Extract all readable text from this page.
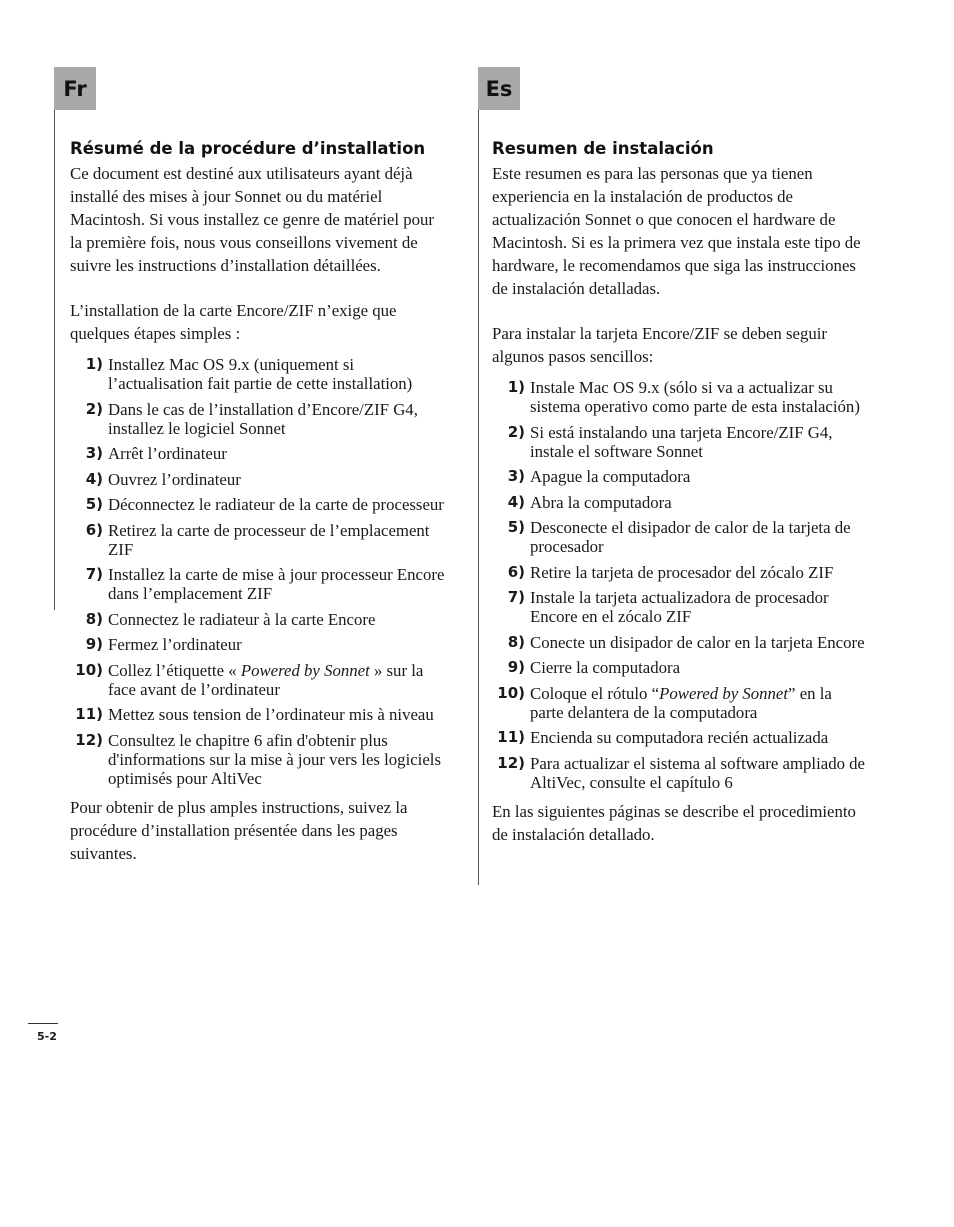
Fr
Résumé de la procédure d’installation

Ce document est destiné aux utilisateurs ayant déjà installé des mises à jour Sonnet ou du matériel Macintosh. Si vous installez ce genre de matériel pour la première fois, nous vous conseillons vivement de suivre les instructions d’installation détaillées.

L’installation de la carte Encore/ZIF n’exige que quelques étapes simples :

1) Installez Mac OS 9.x (uniquement si l’actualisation fait partie de cette installation)
2) Dans le cas de l’installation d’Encore/ZIF G4, installez le logiciel Sonnet
3) Arrêt l’ordinateur
4) Ouvrez l’ordinateur
5) Déconnectez le radiateur de la carte de processeur
6) Retirez la carte de processeur de l’emplacement ZIF
7) Installez la carte de mise à jour processeur Encore dans l’emplacement ZIF
8) Connectez le radiateur à la carte Encore
9) Fermez l’ordinateur
10) Collez l’étiquette « Powered by Sonnet » sur la face avant de l’ordinateur
11) Mettez sous tension de l’ordinateur mis à niveau
12) Consultez le chapitre 6 afin d'obtenir plus d'informations sur la mise à jour vers les logiciels optimisés pour AltiVec

Pour obtenir de plus amples instructions, suivez la procédure d’installation présentée dans les pages suivantes.

Es
Resumen de instalación

Este resumen es para las personas que ya tienen experiencia en la instalación de productos de actualización Sonnet o que conocen el hardware de Macintosh. Si es la primera vez que instala este tipo de hardware, le recomendamos que siga las instrucciones de instalación detalladas.

Para instalar la tarjeta Encore/ZIF se deben seguir algunos pasos sencillos:

1) Instale Mac OS 9.x (sólo si va a actualizar su sistema operativo como parte de esta instalación)
2) Si está instalando una tarjeta Encore/ZIF G4, instale el software Sonnet
3) Apague la computadora
4) Abra la computadora
5) Desconecte el disipador de calor de la tarjeta de procesador
6) Retire la tarjeta de procesador del zócalo ZIF
7) Instale la tarjeta actualizadora de procesador Encore en el zócalo ZIF
8) Conecte un disipador de calor en la tarjeta Encore
9) Cierre la computadora
10) Coloque el rótulo “Powered by Sonnet” en la parte delantera de la computadora
11) Encienda su computadora recién actualizada
12) Para actualizar el sistema al software ampliado de AltiVec, consulte el capítulo 6

En las siguientes páginas se describe el procedimiento de instalación detallado.

5-2
